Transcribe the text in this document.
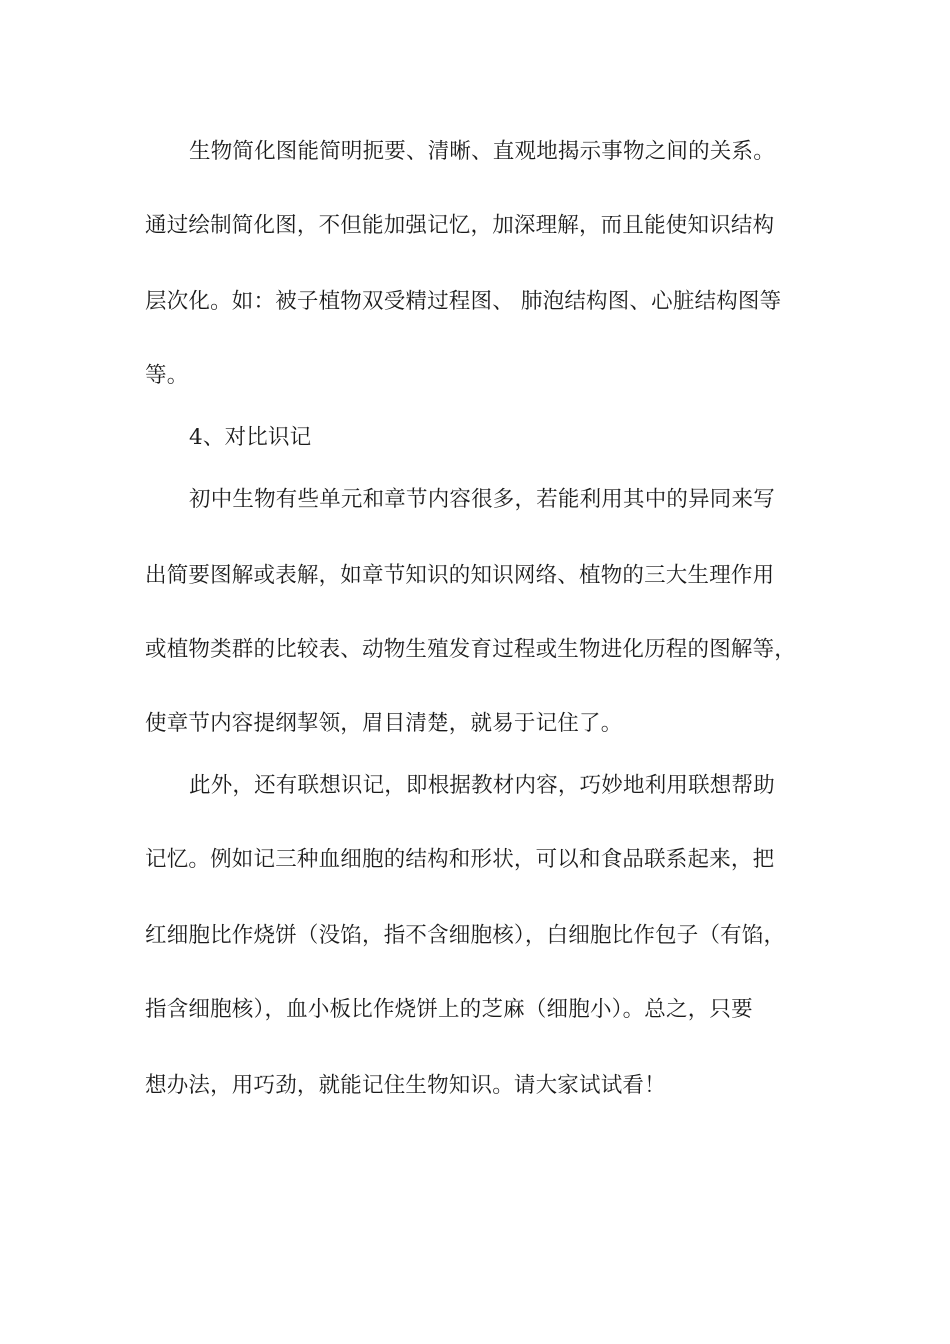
生物简化图能简明扼要、清晰、直观地揭示事物之间的关系。

通过绘制简化图，不但能加强记忆，加深理解，而且能使知识结构

层次化。如：被子植物双受精过程图、 肺泡结构图、心脏结构图等

等。

4、对比识记

初中生物有些单元和章节内容很多，若能利用其中的异同来写

出简要图解或表解，如章节知识的知识网络、植物的三大生理作用

或植物类群的比较表、动物生殖发育过程或生物进化历程的图解等，

使章节内容提纲挈领，眉目清楚，就易于记住了。

此外，还有联想识记，即根据教材内容，巧妙地利用联想帮助

记忆。例如记三种血细胞的结构和形状，可以和食品联系起来，把

红细胞比作烧饼（没馅，指不含细胞核），白细胞比作包子（有馅，

指含细胞核），血小板比作烧饼上的芝麻（细胞小）。总之，只要

想办法，用巧劲，就能记住生物知识。请大家试试看！
